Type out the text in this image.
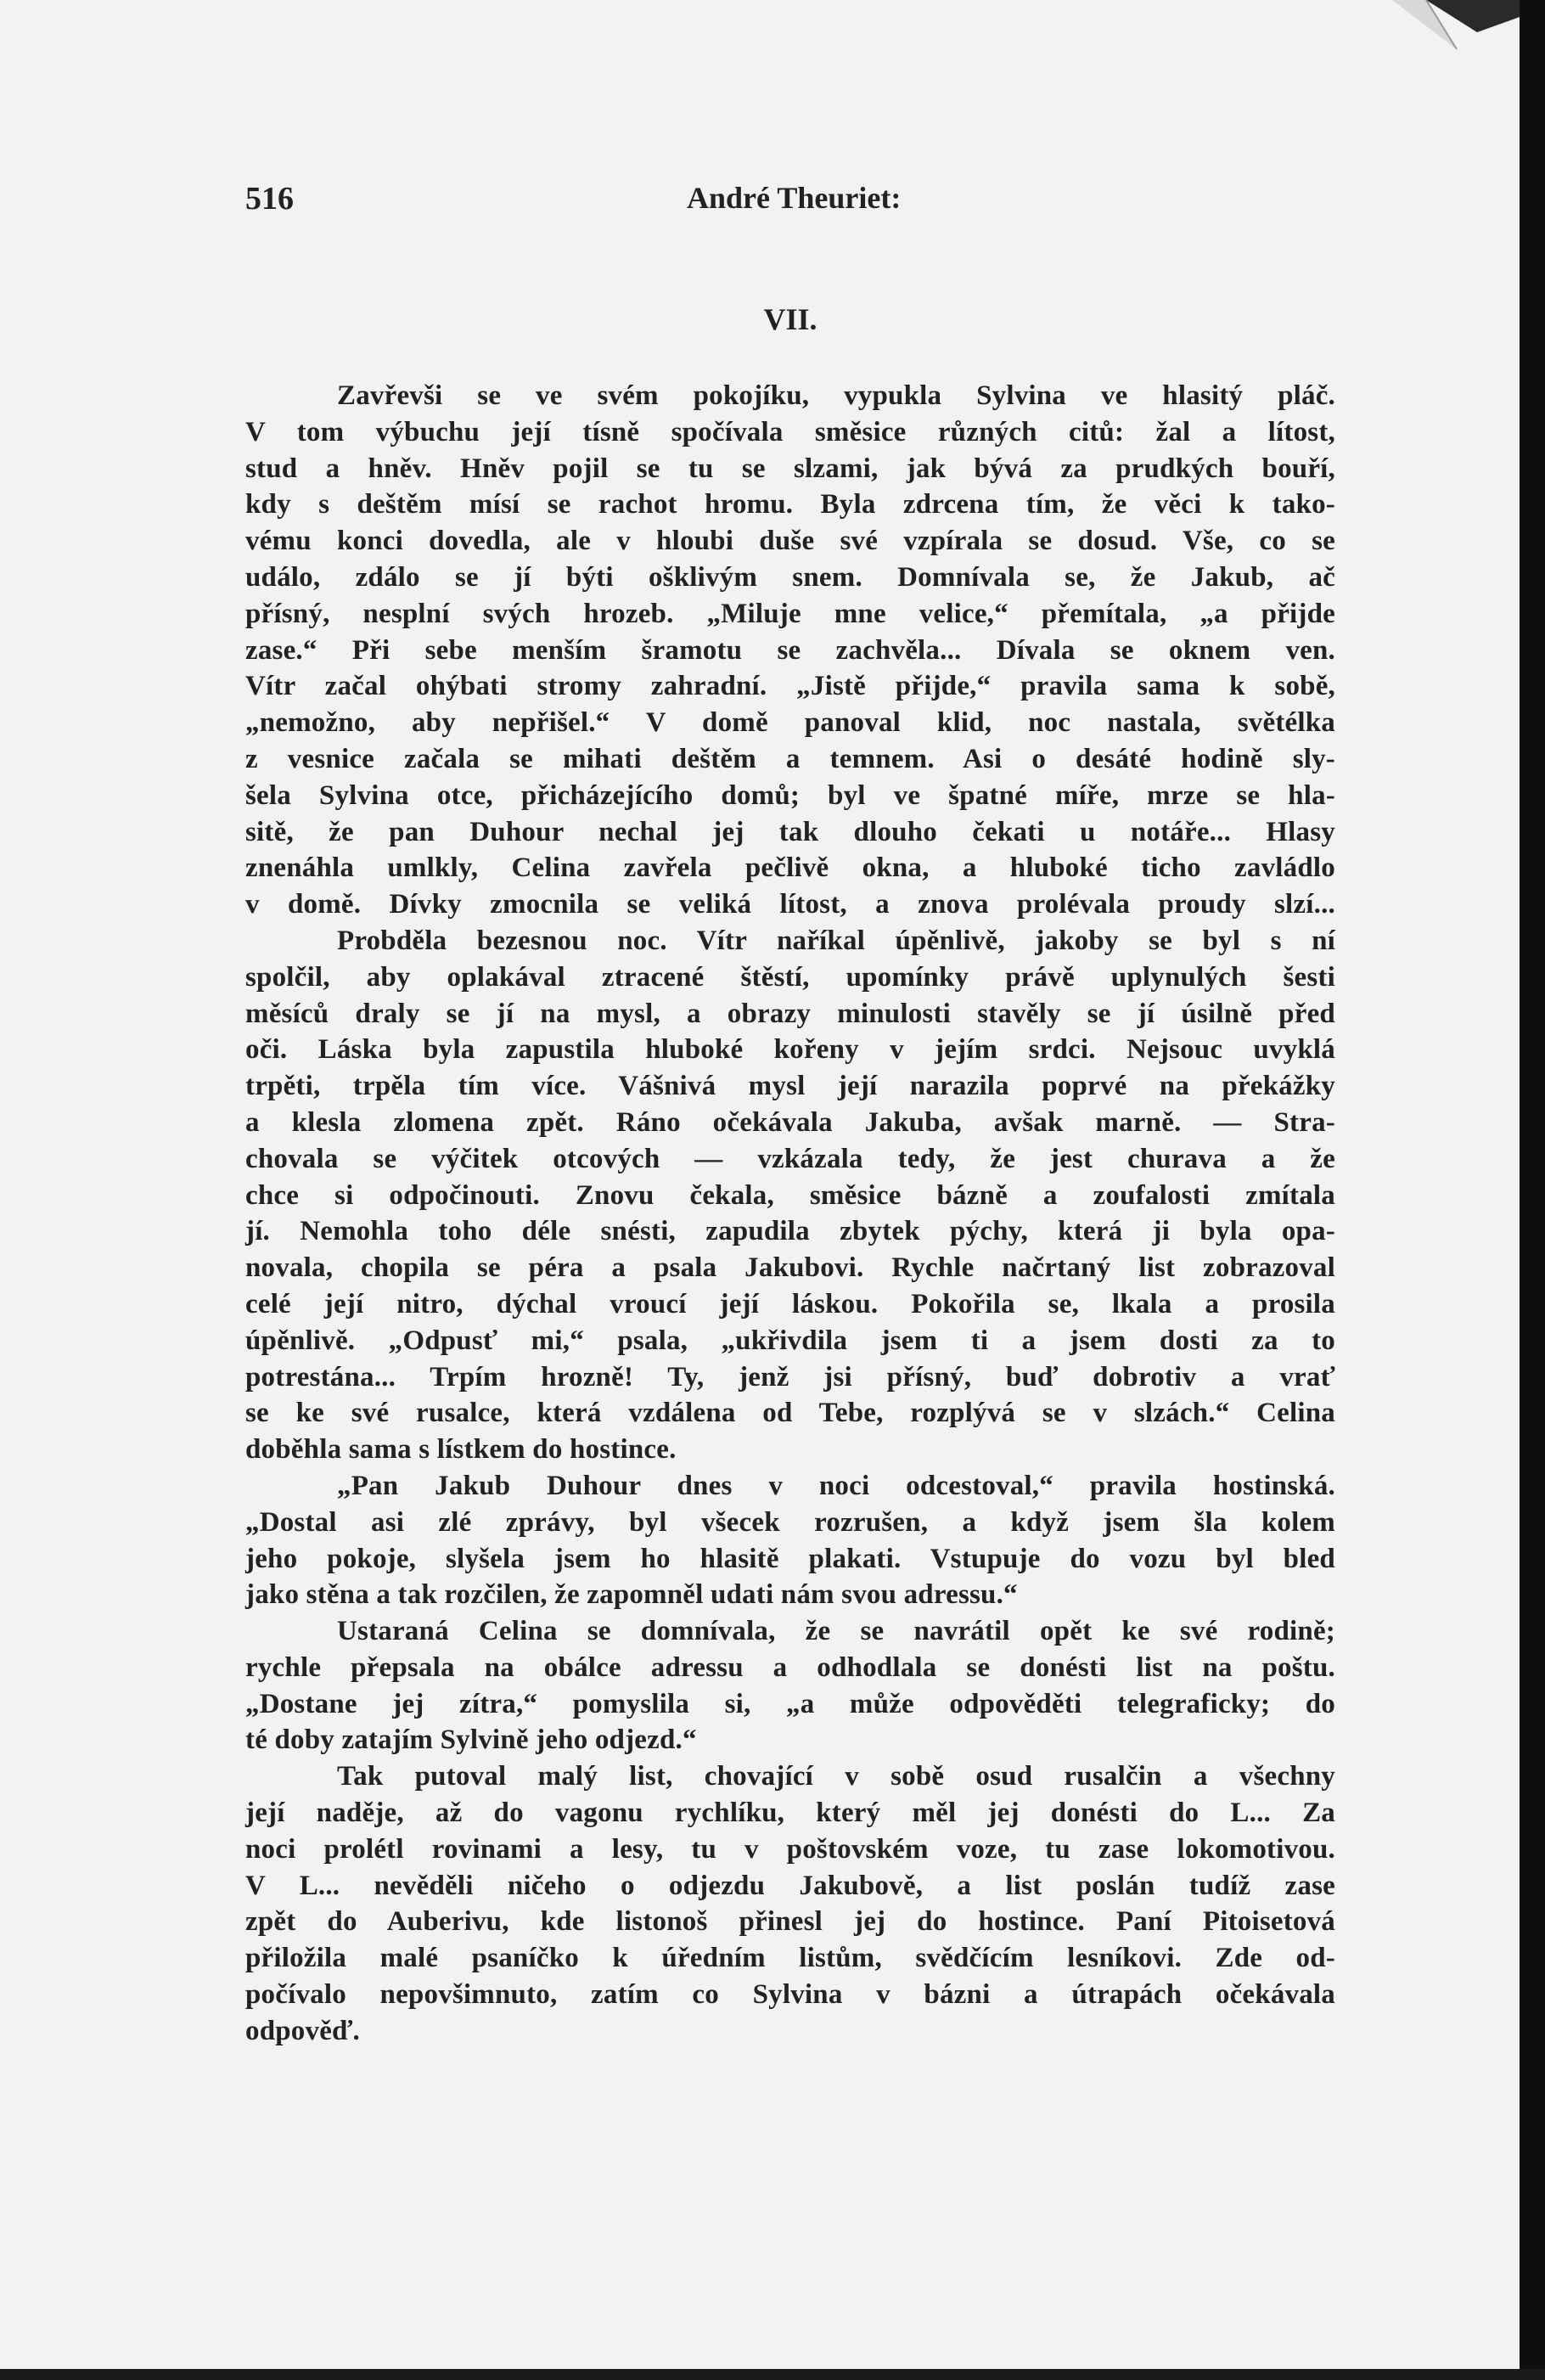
516	André Theuriet:
VII.
Zavřevši se ve svém pokojíku, vypukla Sylvina ve hlasitý pláč.
V tom výbuchu její tísně spočívala směsice různých citů: žal a lítost,
stud a hněv. Hněv pojil se tu se slzami, jak bývá za prudkých bouří,
kdy s deštěm mísí se rachot hromu. Byla zdrcena tím, že věci k tako-
vému konci dovedla, ale v hloubi duše své vzpírala se dosud. Vše, co se
událo, zdálo se jí býti ošklivým snem. Domnívala se, že Jakub, ač
přísný, nesplní svých hrozeb. „Miluje mne velice,“ přemítala, „a přijde
zase.“ Při sebe menším šramotu se zachvěla... Dívala se oknem ven.
Vítr začal ohýbati stromy zahradní. „Jistě přijde,“ pravila sama k sobě,
„nemožno, aby nepřišel.“ V domě panoval klid, noc nastala, světélka
z vesnice začala se mihati deštěm a temnem. Asi o desáté hodině sly-
šela Sylvina otce, přicházejícího domů; byl ve špatné míře, mrze se hla-
sitě, že pan Duhour nechal jej tak dlouho čekati u notáře... Hlasy
znenáhla umlkly, Celina zavřela pečlivě okna, a hluboké ticho zavládlo
v domě. Dívky zmocnila se veliká lítost, a znova prolévala proudy slzí...
Probděla bezesnou noc. Vítr naříkal úpěnlivě, jakoby se byl s ní
spolčil, aby oplakával ztracené štěstí, upomínky právě uplynulých šesti
měsíců draly se jí na mysl, a obrazy minulosti stavěly se jí úsilně před
oči. Láska byla zapustila hluboké kořeny v jejím srdci. Nejsouc uvyklá
trpěti, trpěla tím více. Vášnivá mysl její narazila poprvé na překážky
a klesla zlomena zpět. Ráno očekávala Jakuba, avšak marně. — Stra-
chovala se výčitek otcových — vzkázala tedy, že jest churava a že
chce si odpočinouti. Znovu čekala, směsice bázně a zoufalosti zmítala
jí. Nemohla toho déle snésti, zapudila zbytek pýchy, která ji byla opa-
novala, chopila se péra a psala Jakubovi. Rychle načrtaný list zobrazoval
celé její nitro, dýchal vroucí její láskou. Pokořila se, lkala a prosila
úpěnlivě. „Odpusť mi,“ psala, „ukřivdila jsem ti a jsem dosti za to
potrestána... Trpím hrozně! Ty, jenž jsi přísný, buď dobrotiv a vrať
se ke své rusalce, která vzdálena od Tebe, rozplývá se v slzách.“ Celina
doběhla sama s lístkem do hostince.
„Pan Jakub Duhour dnes v noci odcestoval,“ pravila hostinská.
„Dostal asi zlé zprávy, byl všecek rozrušen, a když jsem šla kolem
jeho pokoje, slyšela jsem ho hlasitě plakati. Vstupuje do vozu byl bled
jako stěna a tak rozčilen, že zapomněl udati nám svou adressu.“
Ustaraná Celina se domnívala, že se navrátil opět ke své rodině;
rychle přepsala na obálce adressu a odhodlala se donésti list na poštu.
„Dostane jej zítra,“ pomyslila si, „a může odpověděti telegraficky; do
té doby zatajím Sylvině jeho odjezd.“
Tak putoval malý list, chovající v sobě osud rusalčin a všechny
její naděje, až do vagonu rychlíku, který měl jej donésti do L... Za
noci prolétl rovinami a lesy, tu v poštovském voze, tu zase lokomotivou.
V L... nevěděli ničeho o odjezdu Jakubově, a list poslán tudíž zase
zpět do Auberivu, kde listonoš přinesl jej do hostince. Paní Pitoisetová
přiložila malé psaníčko k úředním listům, svědčícím lesníkovi. Zde od-
počívalo nepovšimnuto, zatím co Sylvina v bázni a útrapách očekávala
odpověď.
